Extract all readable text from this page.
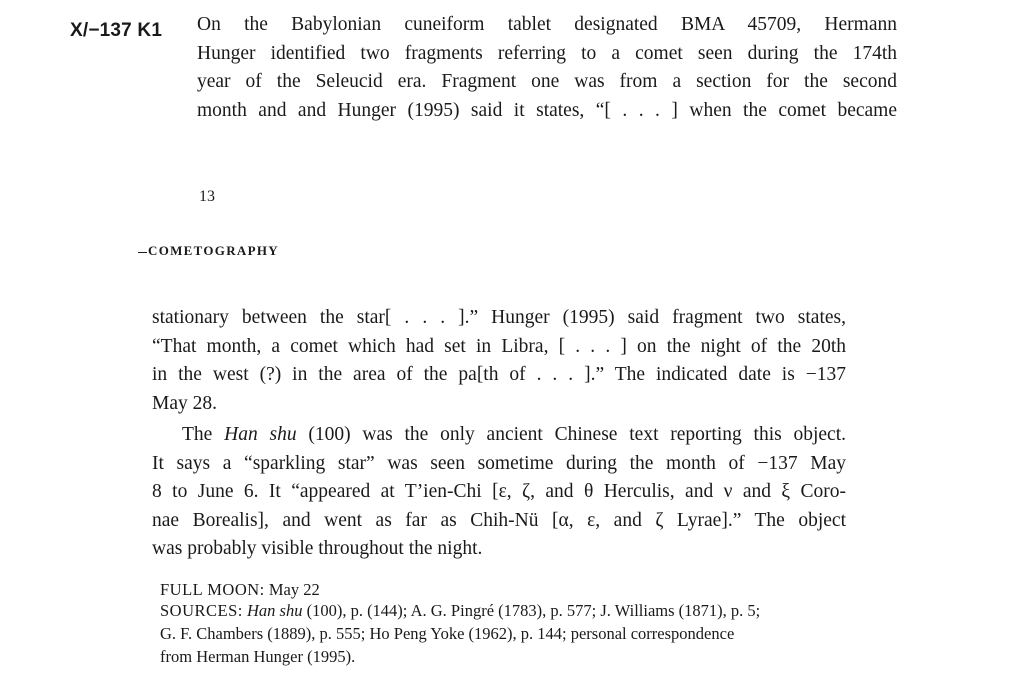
X/−137 K1 On the Babylonian cuneiform tablet designated BMA 45709, Hermann
Hunger identified two fragments referring to a comet seen during the 174th
year of the Seleucid era. Fragment one was from a section for the second
month and and Hunger (1995) said it states, “[ . . . ] when the comet became
13
COMETOGRAPHY
stationary between the star[ . . . ].” Hunger (1995) said fragment two states,
“That month, a comet which had set in Libra, [ . . . ] on the night of the 20th
in the west (?) in the area of the pa[th of . . . ].” The indicated date is −137
May 28.
The Han shu (100) was the only ancient Chinese text reporting this object.
It says a “sparkling star” was seen sometime during the month of −137 May
8 to June 6. It “appeared at T’ien-Chi [ε, ζ, and θ Herculis, and ν and ξ Coro-
nae Borealis], and went as far as Chih-Nü [α, ε, and ζ Lyrae].” The object
was probably visible throughout the night.
FULL MOON: May 22
SOURCES: Han shu (100), p. (144); A. G. Pingré (1783), p. 577; J. Williams (1871), p. 5;
G. F. Chambers (1889), p. 555; Ho Peng Yoke (1962), p. 144; personal correspondence
from Herman Hunger (1995).
